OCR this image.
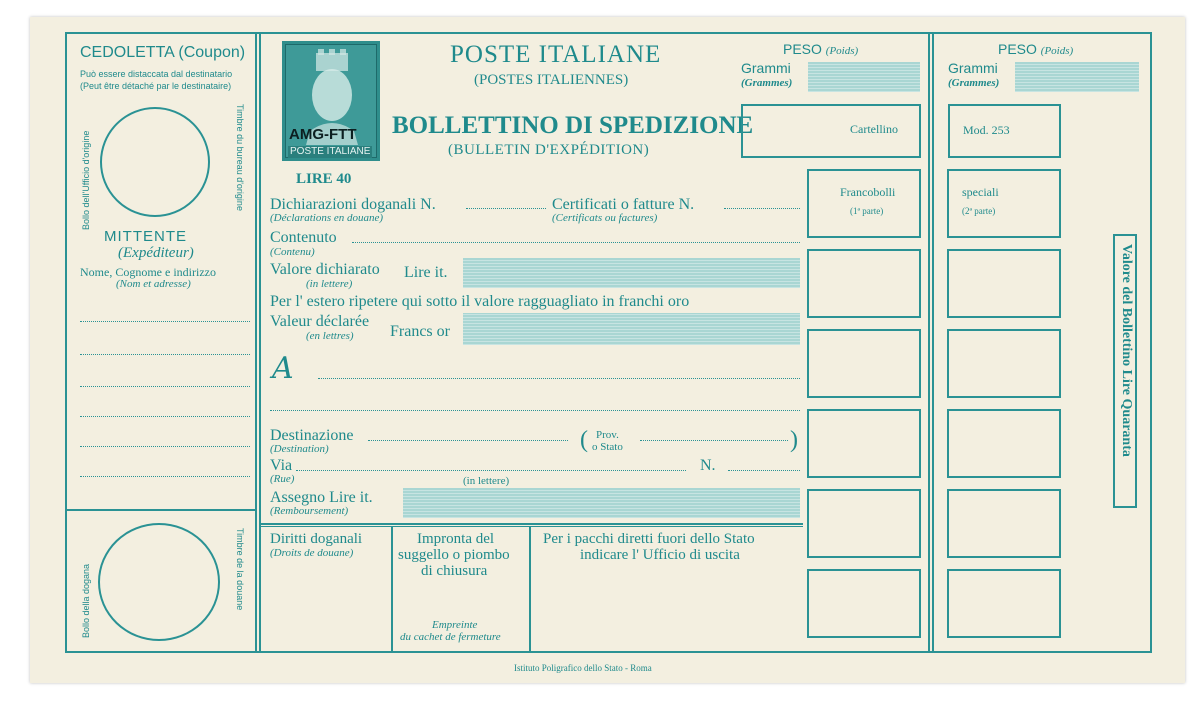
CEDOLETTA (Coupon)
Può essere distaccata dal destinatario
(Peut être détaché par le destinataire)
Bollo dell'Ufficio d'origine	Timbre du bureau d'origine
MITTENTE
(Expéditeur)
Nome, Cognome e indirizzo
(Nom et adresse)
Bollo della dogana	Timbre de la douane
AMG-FTT
POSTE ITALIANE
POSTE ITALIANE
(POSTES ITALIENNES)
BOLLETTINO DI SPEDIZIONE
(BULLETIN D'EXPÉDITION)
LIRE 40
Dichiarazioni doganali N.
(Déclarations en douane)
Certificati o fatture N.
(Certificats ou factures)
Contenuto
(Contenu)
Valore dichiarato
(in lettere)
Lire it.
Per l' estero ripetere qui sotto il valore ragguagliato in franchi oro
Valeur déclarée
(en lettres) Francs or
A
Destinazione
(Destination)	( Prov.
o Stato	)
Via
(Rue)
N.
(in lettere)
Assegno Lire it.
(Remboursement)
Diritti doganali
(Droits de douane)
Impronta del
suggello o piombo
di chiusura
Empreinte
du cachet de fermeture
Per i pacchi diretti fuori dello Stato
indicare l' Ufficio di uscita
PESO (Poids)
Grammi
(Grammes)
PESO (Poids)
Grammi
(Grammes)
Cartellino	Mod. 253
Francobolli
(1ª parte)
speciali
(2ª parte)
Valore del Bollettino Lire Quaranta
Istituto Poligrafico dello Stato - Roma
